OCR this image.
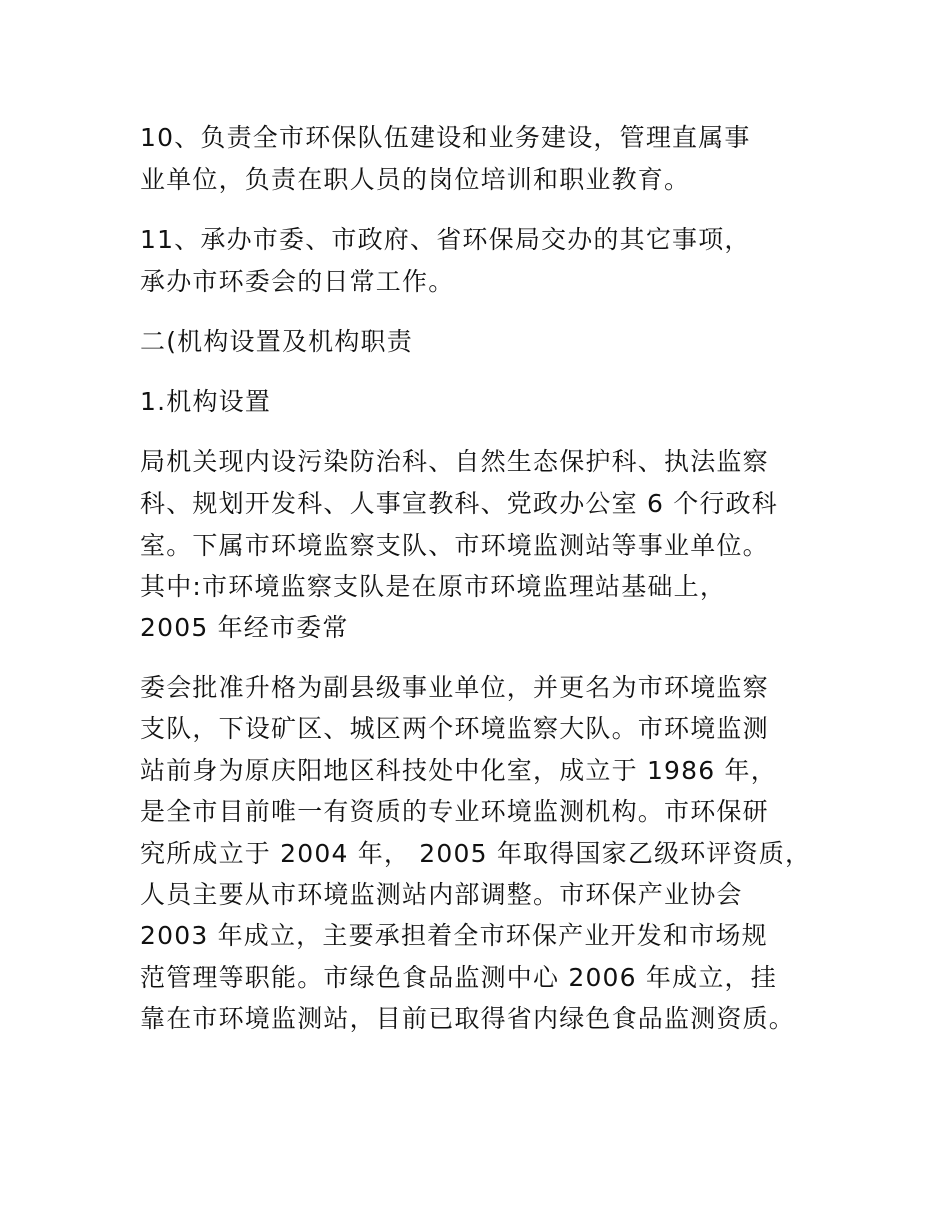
10、负责全市环保队伍建设和业务建设，管理直属事

业单位，负责在职人员的岗位培训和职业教育。

11、承办市委、市政府、省环保局交办的其它事项，

承办市环委会的日常工作。

二(机构设置及机构职责

1.机构设置

局机关现内设污染防治科、自然生态保护科、执法监察

科、规划开发科、人事宣教科、党政办公室 6 个行政科

室。下属市环境监察支队、市环境监测站等事业单位。

其中:市环境监察支队是在原市环境监理站基础上，

2005 年经市委常

委会批准升格为副县级事业单位，并更名为市环境监察

支队，下设矿区、城区两个环境监察大队。市环境监测

站前身为原庆阳地区科技处中化室，成立于 1986 年，

是全市目前唯一有资质的专业环境监测机构。市环保研

究所成立于 2004 年， 2005 年取得国家乙级环评资质，

人员主要从市环境监测站内部调整。市环保产业协会

2003 年成立，主要承担着全市环保产业开发和市场规

范管理等职能。市绿色食品监测中心 2006 年成立，挂

靠在市环境监测站，目前已取得省内绿色食品监测资质。
